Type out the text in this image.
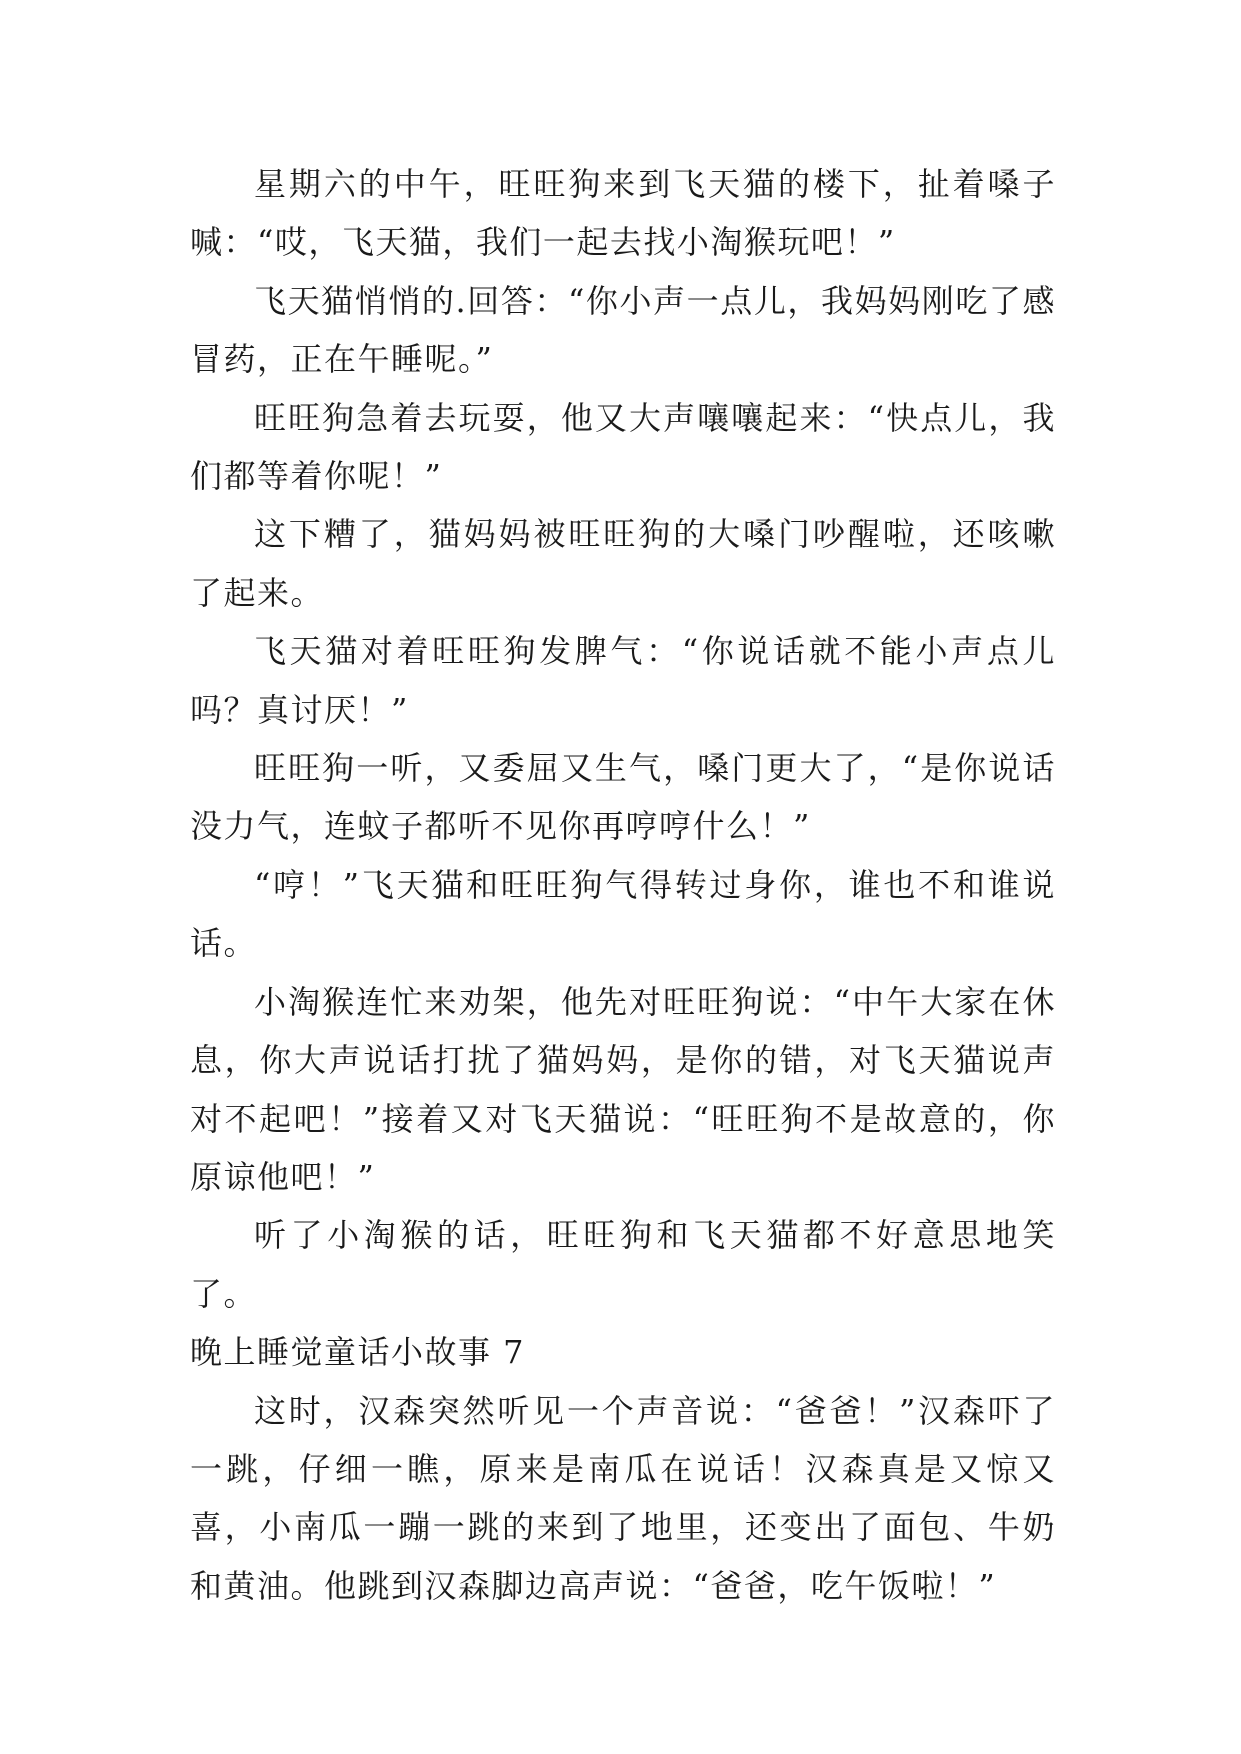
星期六的中午，旺旺狗来到飞天猫的楼下，扯着嗓子喊：“哎，飞天猫，我们一起去找小淘猴玩吧！”

飞天猫悄悄的.回答：“你小声一点儿，我妈妈刚吃了感冒药，正在午睡呢。”

旺旺狗急着去玩耍，他又大声嚷嚷起来：“快点儿，我们都等着你呢！”

这下糟了，猫妈妈被旺旺狗的大嗓门吵醒啦，还咳嗽了起来。

飞天猫对着旺旺狗发脾气：“你说话就不能小声点儿吗？真讨厌！”

旺旺狗一听，又委屈又生气，嗓门更大了，“是你说话没力气，连蚊子都听不见你再哼哼什么！”

“哼！”飞天猫和旺旺狗气得转过身你，谁也不和谁说话。

小淘猴连忙来劝架，他先对旺旺狗说：“中午大家在休息，你大声说话打扰了猫妈妈，是你的错，对飞天猫说声对不起吧！”接着又对飞天猫说：“旺旺狗不是故意的，你原谅他吧！”

听了小淘猴的话，旺旺狗和飞天猫都不好意思地笑了。

晚上睡觉童话小故事 7

这时，汉森突然听见一个声音说：“爸爸！”汉森吓了一跳，仔细一瞧，原来是南瓜在说话！汉森真是又惊又喜，小南瓜一蹦一跳的来到了地里，还变出了面包、牛奶和黄油。他跳到汉森脚边高声说：“爸爸，吃午饭啦！”
